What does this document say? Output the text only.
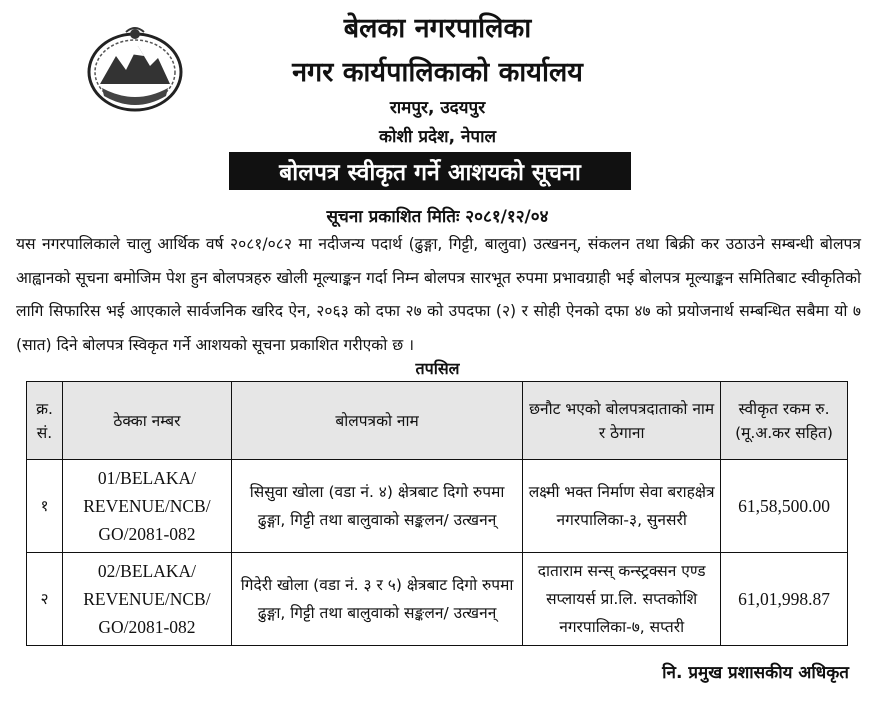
बेलका नगरपालिका
नगर कार्यपालिकाको कार्यालय
रामपुर, उदयपुर
कोशी प्रदेश, नेपाल
बोलपत्र स्वीकृत गर्ने आशयको सूचना
सूचना प्रकाशित मितिः २०८१/१२/०४
यस नगरपालिकाले चालु आर्थिक वर्ष २०८१/०८२ मा नदीजन्य पदार्थ (ढुङ्गा, गिट्टी, बालुवा) उत्खनन्, संकलन तथा बिक्री कर उठाउने सम्बन्धी बोलपत्र आह्वानको सूचना बमोजिम पेश हुन बोलपत्रहरु खोली मूल्याङ्कन गर्दा निम्न बोलपत्र सारभूत रुपमा प्रभावग्राही भई बोलपत्र मूल्याङ्कन समितिबाट स्वीकृतिको लागि सिफारिस भई आएकाले सार्वजनिक खरिद ऐन, २०६३ को दफा २७ को उपदफा (२) र सोही ऐनको दफा ४७ को प्रयोजनार्थ सम्बन्धित सबैमा यो ७ (सात) दिने बोलपत्र स्विकृत गर्ने आशयको सूचना प्रकाशित गरीएको छ ।
तपसिल
क्र. सं.	ठेक्का नम्बर	बोलपत्रको नाम	छनौट भएको बोलपत्रदाताको नाम र ठेगाना	स्वीकृत रकम रु. (मू.अ.कर सहित)
१	01/BELAKA/ REVENUE/NCB/ GO/2081-082	सिसुवा खोला (वडा नं. ४) क्षेत्रबाट दिगो रुपमा ढुङ्गा, गिट्टी तथा बालुवाको सङ्कलन/ उत्खनन्	लक्ष्मी भक्त निर्माण सेवा बराहक्षेत्र नगरपालिका-३, सुनसरी	61,58,500.00
२	02/BELAKA/ REVENUE/NCB/ GO/2081-082	गिदेरी खोला (वडा नं. ३ र ५) क्षेत्रबाट दिगो रुपमा ढुङ्गा, गिट्टी तथा बालुवाको सङ्कलन/ उत्खनन्	दाताराम सन्स् कन्स्ट्रक्सन एण्ड सप्लायर्स प्रा.लि. सप्तकोशि नगरपालिका-७, सप्तरी	61,01,998.87
नि. प्रमुख प्रशासकीय अधिकृत
